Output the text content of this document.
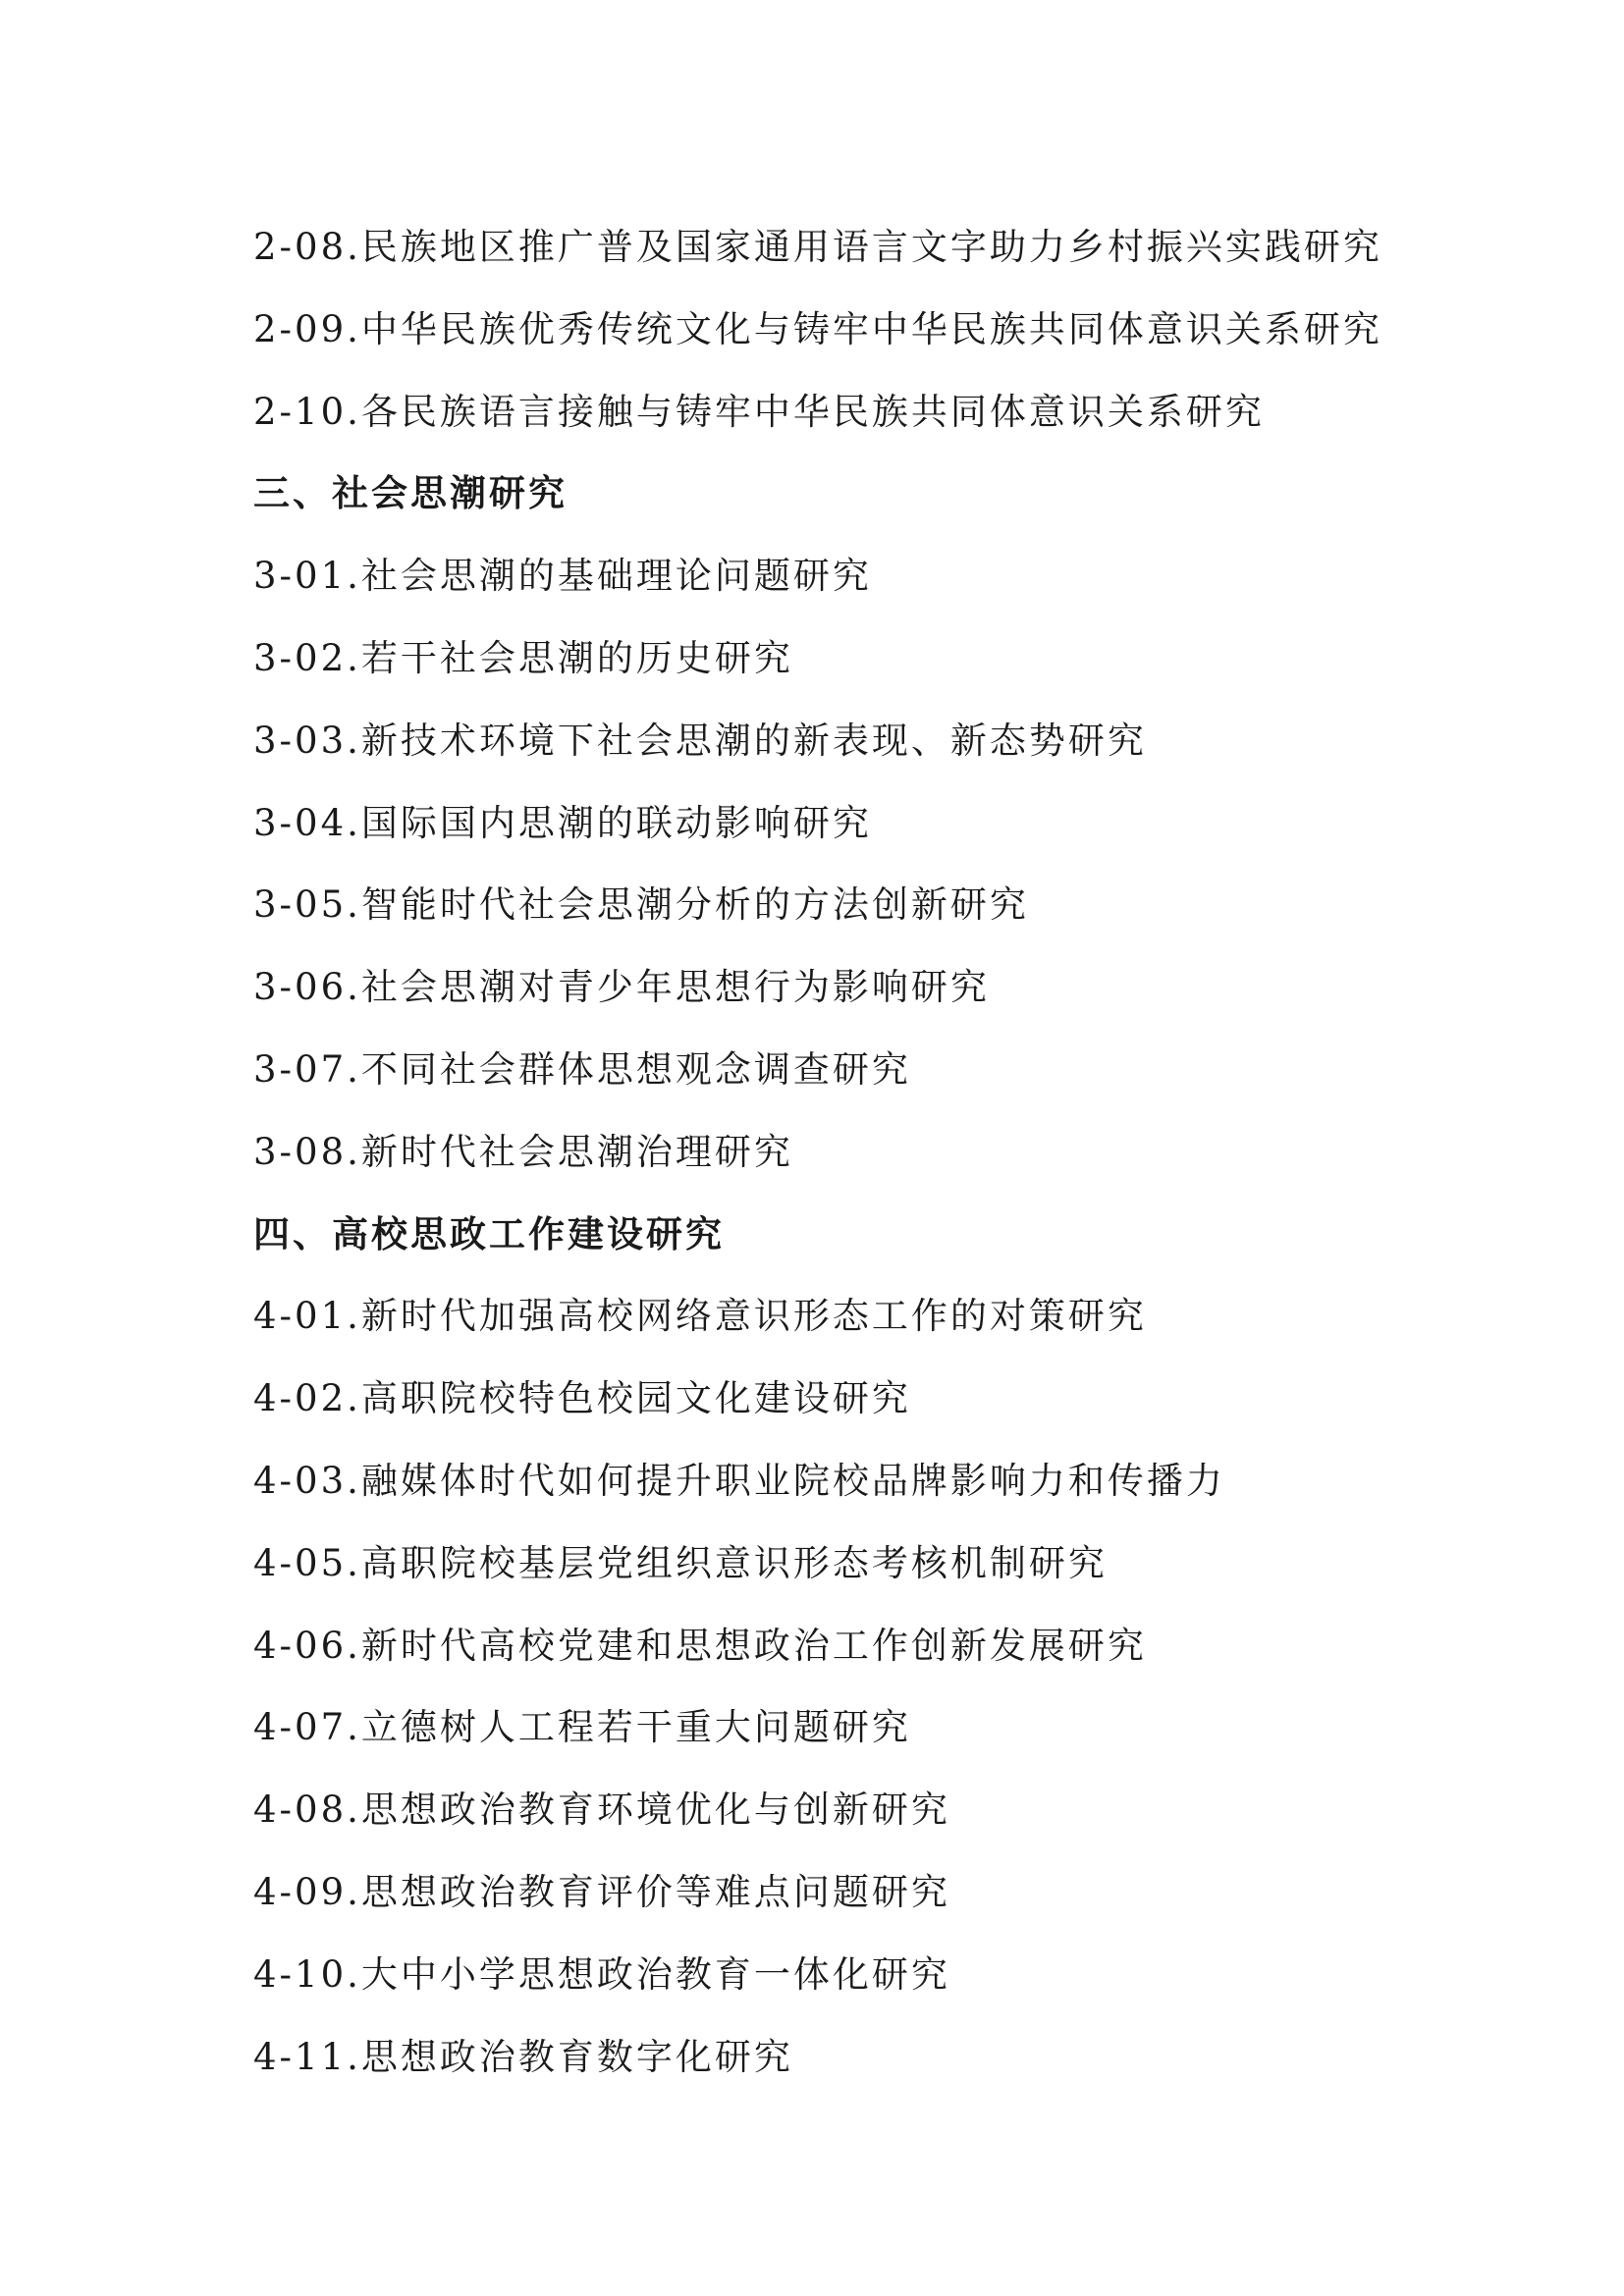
2-08.民族地区推广普及国家通用语言文字助力乡村振兴实践研究
2-09.中华民族优秀传统文化与铸牢中华民族共同体意识关系研究
2-10.各民族语言接触与铸牢中华民族共同体意识关系研究
三、社会思潮研究
3-01.社会思潮的基础理论问题研究
3-02.若干社会思潮的历史研究
3-03.新技术环境下社会思潮的新表现、新态势研究
3-04.国际国内思潮的联动影响研究
3-05.智能时代社会思潮分析的方法创新研究
3-06.社会思潮对青少年思想行为影响研究
3-07.不同社会群体思想观念调查研究
3-08.新时代社会思潮治理研究
四、高校思政工作建设研究
4-01.新时代加强高校网络意识形态工作的对策研究
4-02.高职院校特色校园文化建设研究
4-03.融媒体时代如何提升职业院校品牌影响力和传播力
4-05.高职院校基层党组织意识形态考核机制研究
4-06.新时代高校党建和思想政治工作创新发展研究
4-07.立德树人工程若干重大问题研究
4-08.思想政治教育环境优化与创新研究
4-09.思想政治教育评价等难点问题研究
4-10.大中小学思想政治教育一体化研究
4-11.思想政治教育数字化研究
